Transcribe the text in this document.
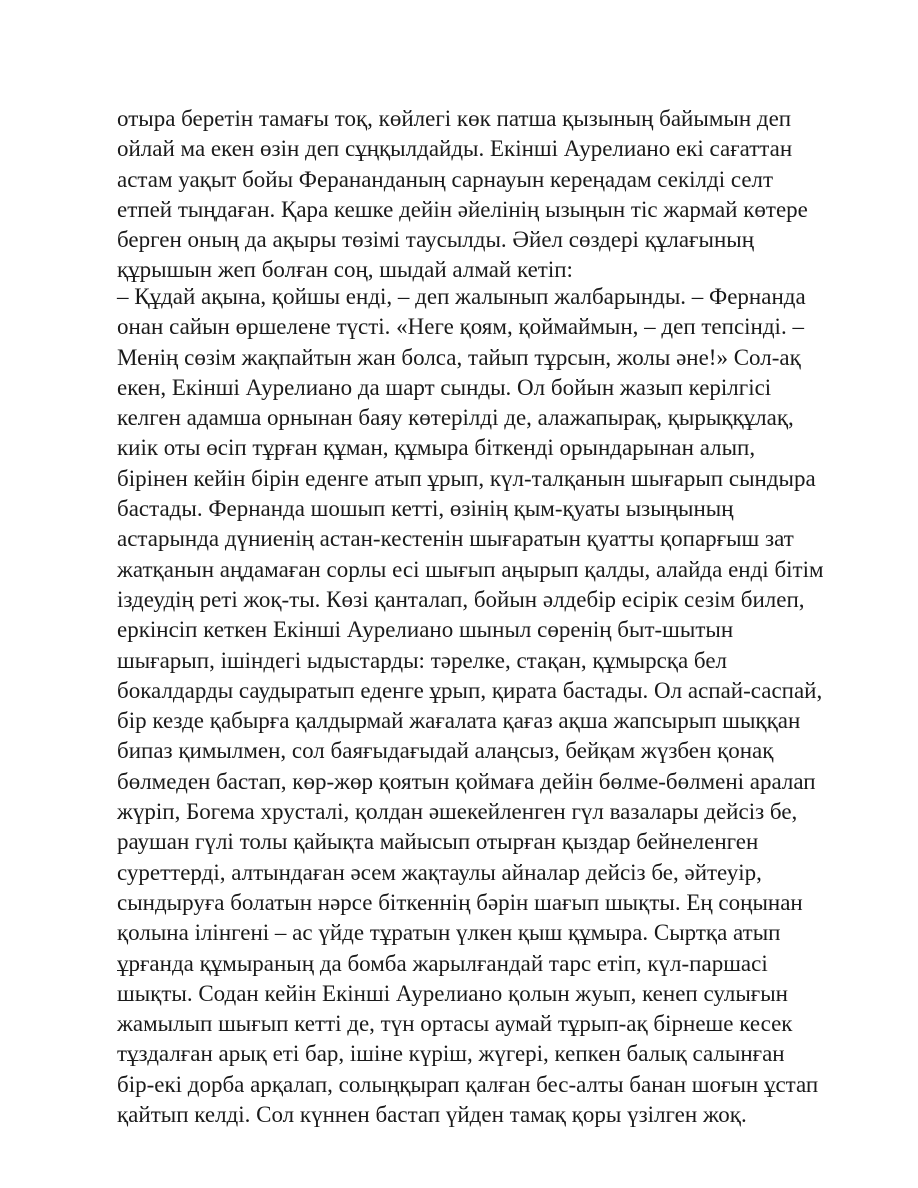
отыра беретін тамағы тоқ, көйлегі көк патша қызының байымын деп
ойлай ма екен өзін деп сұңқылдайды. Екінші Аурелиано екі сағаттан
астам уақыт бойы Ферананданың сарнауын кереңадам секілді селт
етпей тыңдаған. Қара кешке дейін әйелінің ызыңын тіс жармай көтере
берген оның да ақыры төзімі таусылды. Әйел сөздері құлағының
құрышын жеп болған соң, шыдай алмай кетіп:

– Құдай ақына, қойшы енді, – деп жалынып жалбарынды. – Фернанда
онан сайын өршелене түсті. «Неге қоям, қоймаймын, – деп тепсінді. –
Менің сөзім жақпайтын жан болса, тайып тұрсын, жолы әне!» Сол-ақ
екен, Екінші Аурелиано да шарт сынды. Ол бойын жазып керілгісі
келген адамша орнынан баяу көтерілді де, алажапырақ, қырыққұлақ,
киік оты өсіп тұрған құман, құмыра біткенді орындарынан алып,
бірінен кейін бірін еденге атып ұрып, күл-талқанын шығарып сындыра
бастады. Фернанда шошып кетті, өзінің қым-қуаты ызыңының
астарында дүниенің астан-кестенін шығаратын қуатты қопарғыш зат
жатқанын аңдамаған сорлы есі шығып аңырып қалды, алайда енді бітім
іздеудің реті жоқ-ты. Көзі қанталап, бойын әлдебір есірік сезім билеп,
еркінсіп кеткен Екінші Аурелиано шыныл сөренің быт-шытын
шығарып, ішіндегі ыдыстарды: тәрелке, стақан, құмырсқа бел
бокалдарды саудыратып еденге ұрып, қирата бастады. Ол аспай-саспай,
бір кезде қабырға қалдырмай жағалата қағаз ақша жапсырып шыққан
бипаз қимылмен, сол баяғыдағыдай алаңсыз, бейқам жүзбен қонақ
бөлмеден бастап, көр-жөр қоятын қоймаға дейін бөлме-бөлмені аралап
жүріп, Богема хрусталі, қолдан әшекейленген гүл вазалары дейсіз бе,
раушан гүлі толы қайықта майысып отырған қыздар бейнеленген
суреттерді, алтындаған әсем жақтаулы айналар дейсіз бе, әйтеуір,
сындыруға болатын нәрсе біткеннің бәрін шағып шықты. Ең соңынан
қолына ілінгені – ас үйде тұратын үлкен қыш құмыра. Сыртқа атып
ұрғанда құмыраның да бомба жарылғандай тарс етіп, күл-паршасі
шықты. Содан кейін Екінші Аурелиано қолын жуып, кенеп сулығын
жамылып шығып кетті де, түн ортасы аумай тұрып-ақ бірнеше кесек
тұздалған арық еті бар, ішіне күріш, жүгері, кепкен балық салынған
бір-екі дорба арқалап, солыңқырап қалған бес-алты банан шоғын ұстап
қайтып келді. Сол күннен бастап үйден тамақ қоры үзілген жоқ.
